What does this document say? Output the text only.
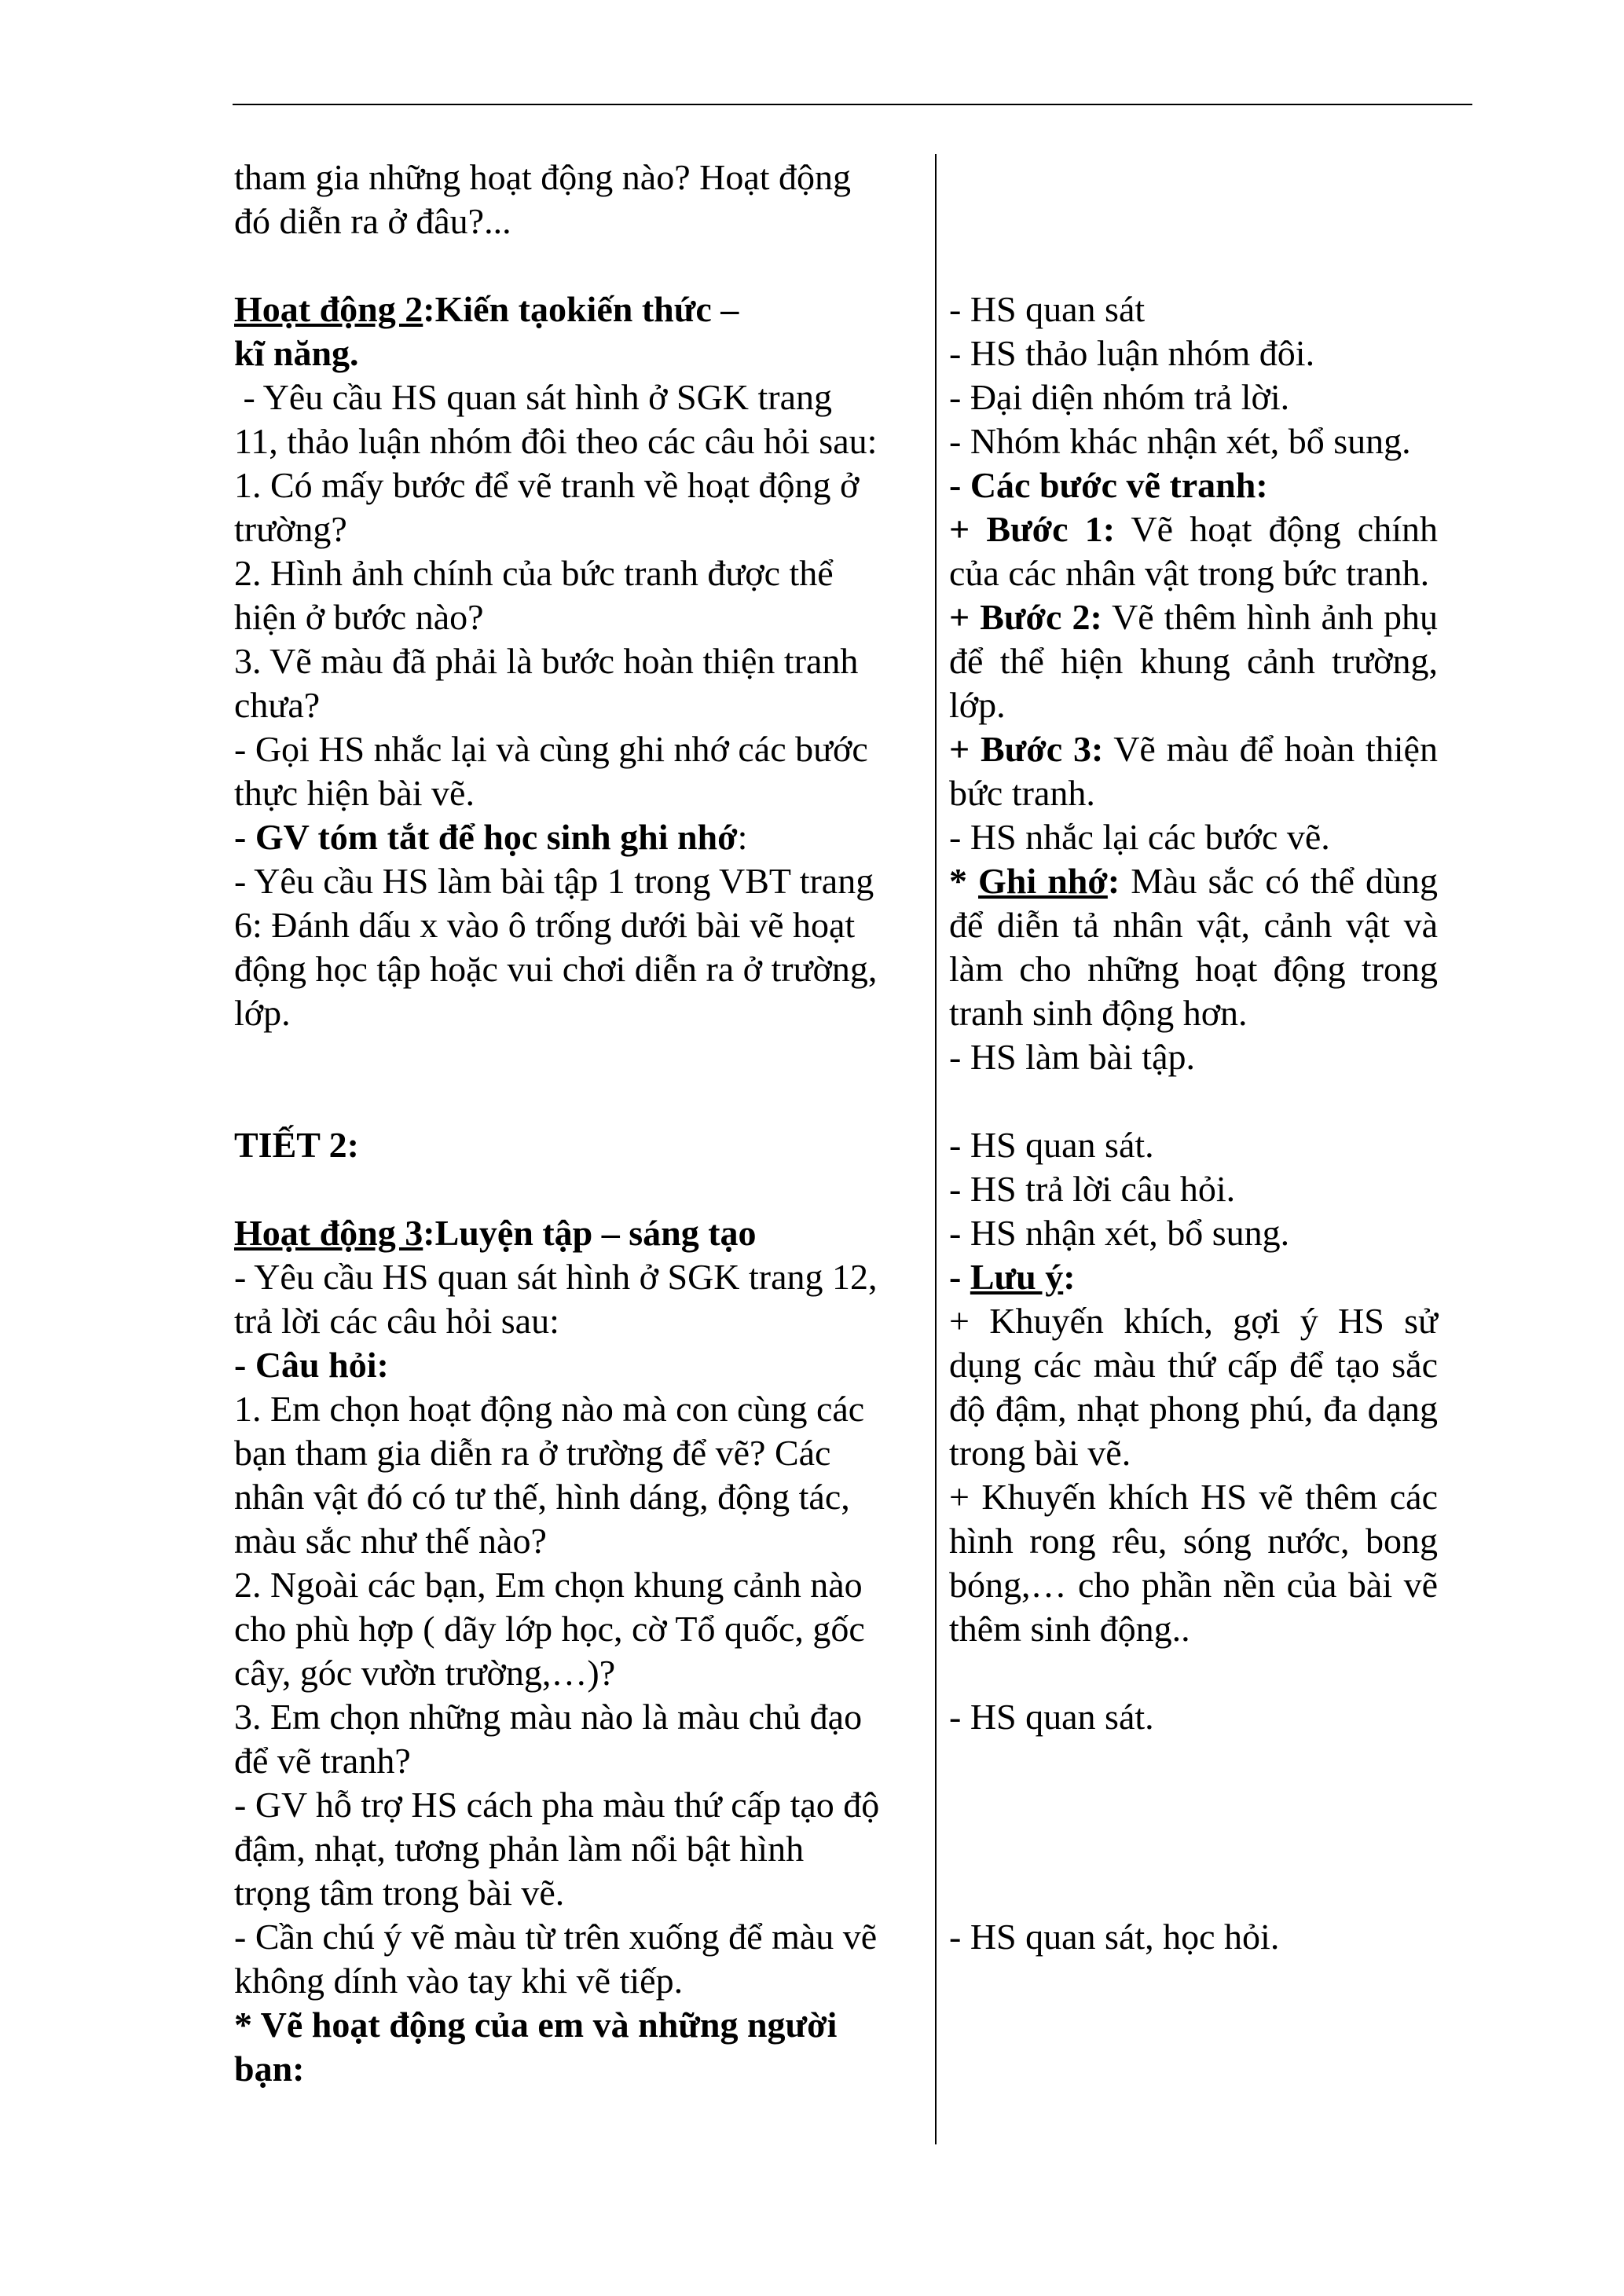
tham gia những hoạt động nào? Hoạt động
đó diễn ra ở đâu?...
Hoạt động 2:Kiến tạokiến thức –
kĩ năng.
- Yêu cầu HS quan sát hình ở SGK trang
11, thảo luận nhóm đôi theo các câu hỏi sau:
1. Có mấy bước để vẽ tranh về hoạt động ở
trường?
2. Hình ảnh chính của bức tranh được thể
hiện ở bước nào?
3. Vẽ màu đã phải là bước hoàn thiện tranh
chưa?
- Gọi HS nhắc lại và cùng ghi nhớ các bước
thực hiện bài vẽ.
- GV tóm tắt để học sinh ghi nhớ:
- Yêu cầu HS làm bài tập 1 trong VBT trang
6: Đánh dấu x vào ô trống dưới bài vẽ hoạt
động học tập hoặc vui chơi diễn ra ở trường,
lớp.
TIẾT 2:
Hoạt động 3:Luyện tập – sáng tạo
- Yêu cầu HS quan sát hình ở SGK trang 12,
trả lời các câu hỏi sau:
- Câu hỏi:
1. Em chọn hoạt động nào mà con cùng các
bạn tham gia diễn ra ở trường để vẽ? Các
nhân vật đó có tư thế, hình dáng, động tác,
màu sắc như thế nào?
2. Ngoài các bạn, Em chọn khung cảnh nào
cho phù hợp ( dãy lớp học, cờ Tổ quốc, gốc
cây, góc vườn trường,…)?
3. Em chọn những màu nào là màu chủ đạo
để vẽ tranh?
- GV hỗ trợ HS cách pha màu thứ cấp tạo độ
đậm, nhạt, tương phản làm nổi bật hình
trọng tâm trong bài vẽ.
- Cần chú ý vẽ màu từ trên xuống để màu vẽ
không dính vào tay khi vẽ tiếp.
* Vẽ hoạt động của em và những người
bạn:
- HS quan sát
- HS thảo luận nhóm đôi.
- Đại diện nhóm trả lời.
- Nhóm khác nhận xét, bổ sung.
- Các bước vẽ tranh:
+ Bước 1: Vẽ hoạt động chính của các nhân vật trong bức tranh.
+ Bước 2: Vẽ thêm hình ảnh phụ để thể hiện khung cảnh trường, lớp.
+ Bước 3: Vẽ màu để hoàn thiện bức tranh.
- HS nhắc lại các bước vẽ.
* Ghi nhớ: Màu sắc có thể dùng để diễn tả nhân vật, cảnh vật và làm cho những hoạt động trong tranh sinh động hơn.
- HS làm bài tập.
- HS quan sát.
- HS trả lời câu hỏi.
- HS nhận xét, bổ sung.
- Lưu ý:
+ Khuyến khích, gợi ý HS sử dụng các màu thứ cấp để tạo sắc độ đậm, nhạt phong phú, đa dạng trong bài vẽ.
+ Khuyến khích HS vẽ thêm các hình rong rêu, sóng nước, bong bóng,… cho phần nền của bài vẽ thêm sinh động..
- HS quan sát.
- HS quan sát, học hỏi.
